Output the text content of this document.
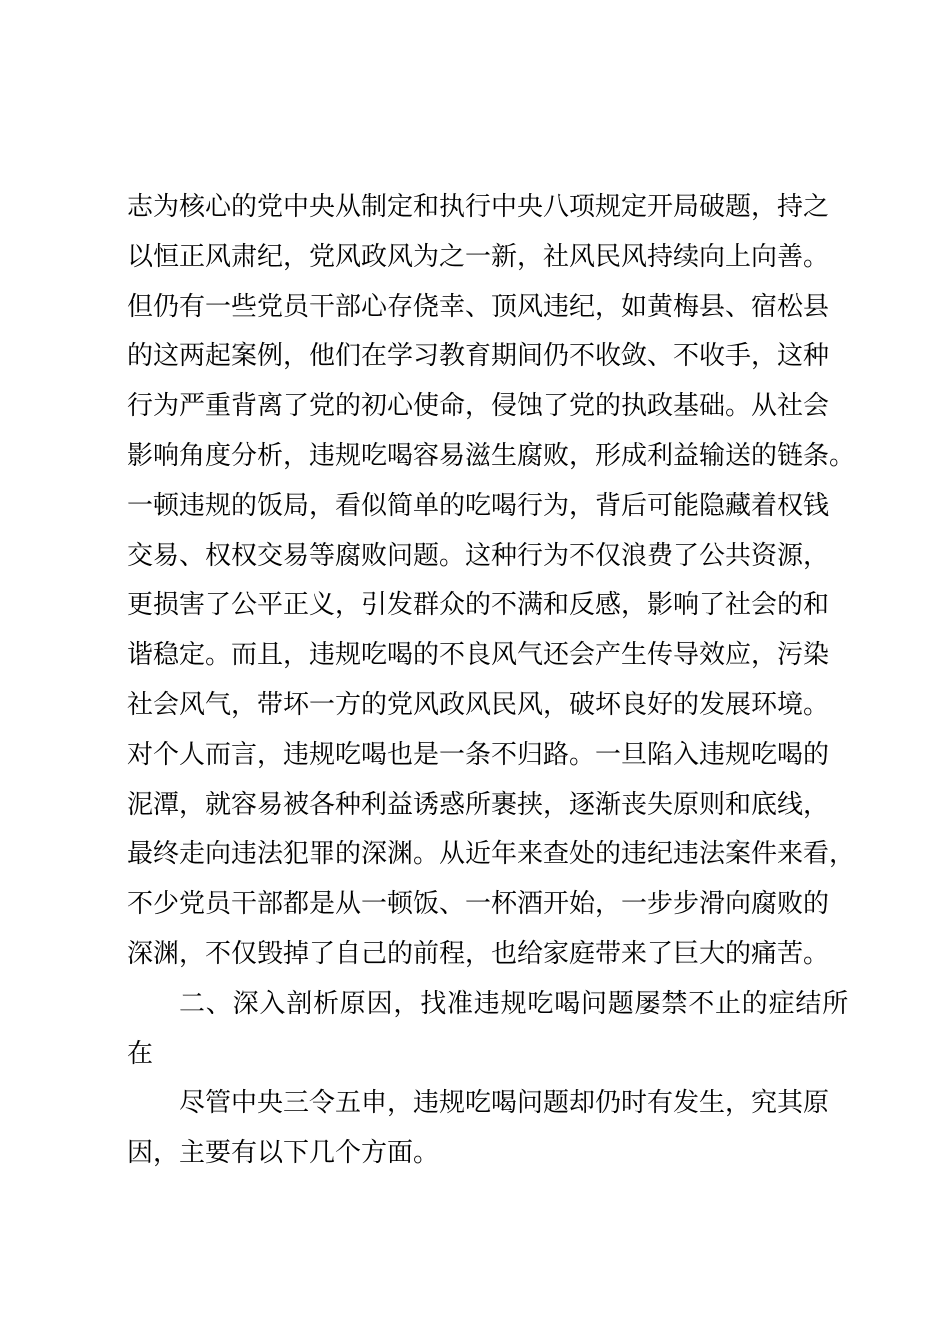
志为核心的党中央从制定和执行中央八项规定开局破题，持之
以恒正风肃纪，党风政风为之一新，社风民风持续向上向善。
但仍有一些党员干部心存侥幸、顶风违纪，如黄梅县、宿松县
的这两起案例，他们在学习教育期间仍不收敛、不收手，这种
行为严重背离了党的初心使命，侵蚀了党的执政基础。从社会
影响角度分析，违规吃喝容易滋生腐败，形成利益输送的链条。
一顿违规的饭局，看似简单的吃喝行为，背后可能隐藏着权钱
交易、权权交易等腐败问题。这种行为不仅浪费了公共资源，
更损害了公平正义，引发群众的不满和反感，影响了社会的和
谐稳定。而且，违规吃喝的不良风气还会产生传导效应，污染
社会风气，带坏一方的党风政风民风，破坏良好的发展环境。
对个人而言，违规吃喝也是一条不归路。一旦陷入违规吃喝的
泥潭，就容易被各种利益诱惑所裹挟，逐渐丧失原则和底线，
最终走向违法犯罪的深渊。从近年来查处的违纪违法案件来看，
不少党员干部都是从一顿饭、一杯酒开始，一步步滑向腐败的
深渊，不仅毁掉了自己的前程，也给家庭带来了巨大的痛苦。
二、深入剖析原因，找准违规吃喝问题屡禁不止的症结所
在
尽管中央三令五申，违规吃喝问题却仍时有发生，究其原
因，主要有以下几个方面。
